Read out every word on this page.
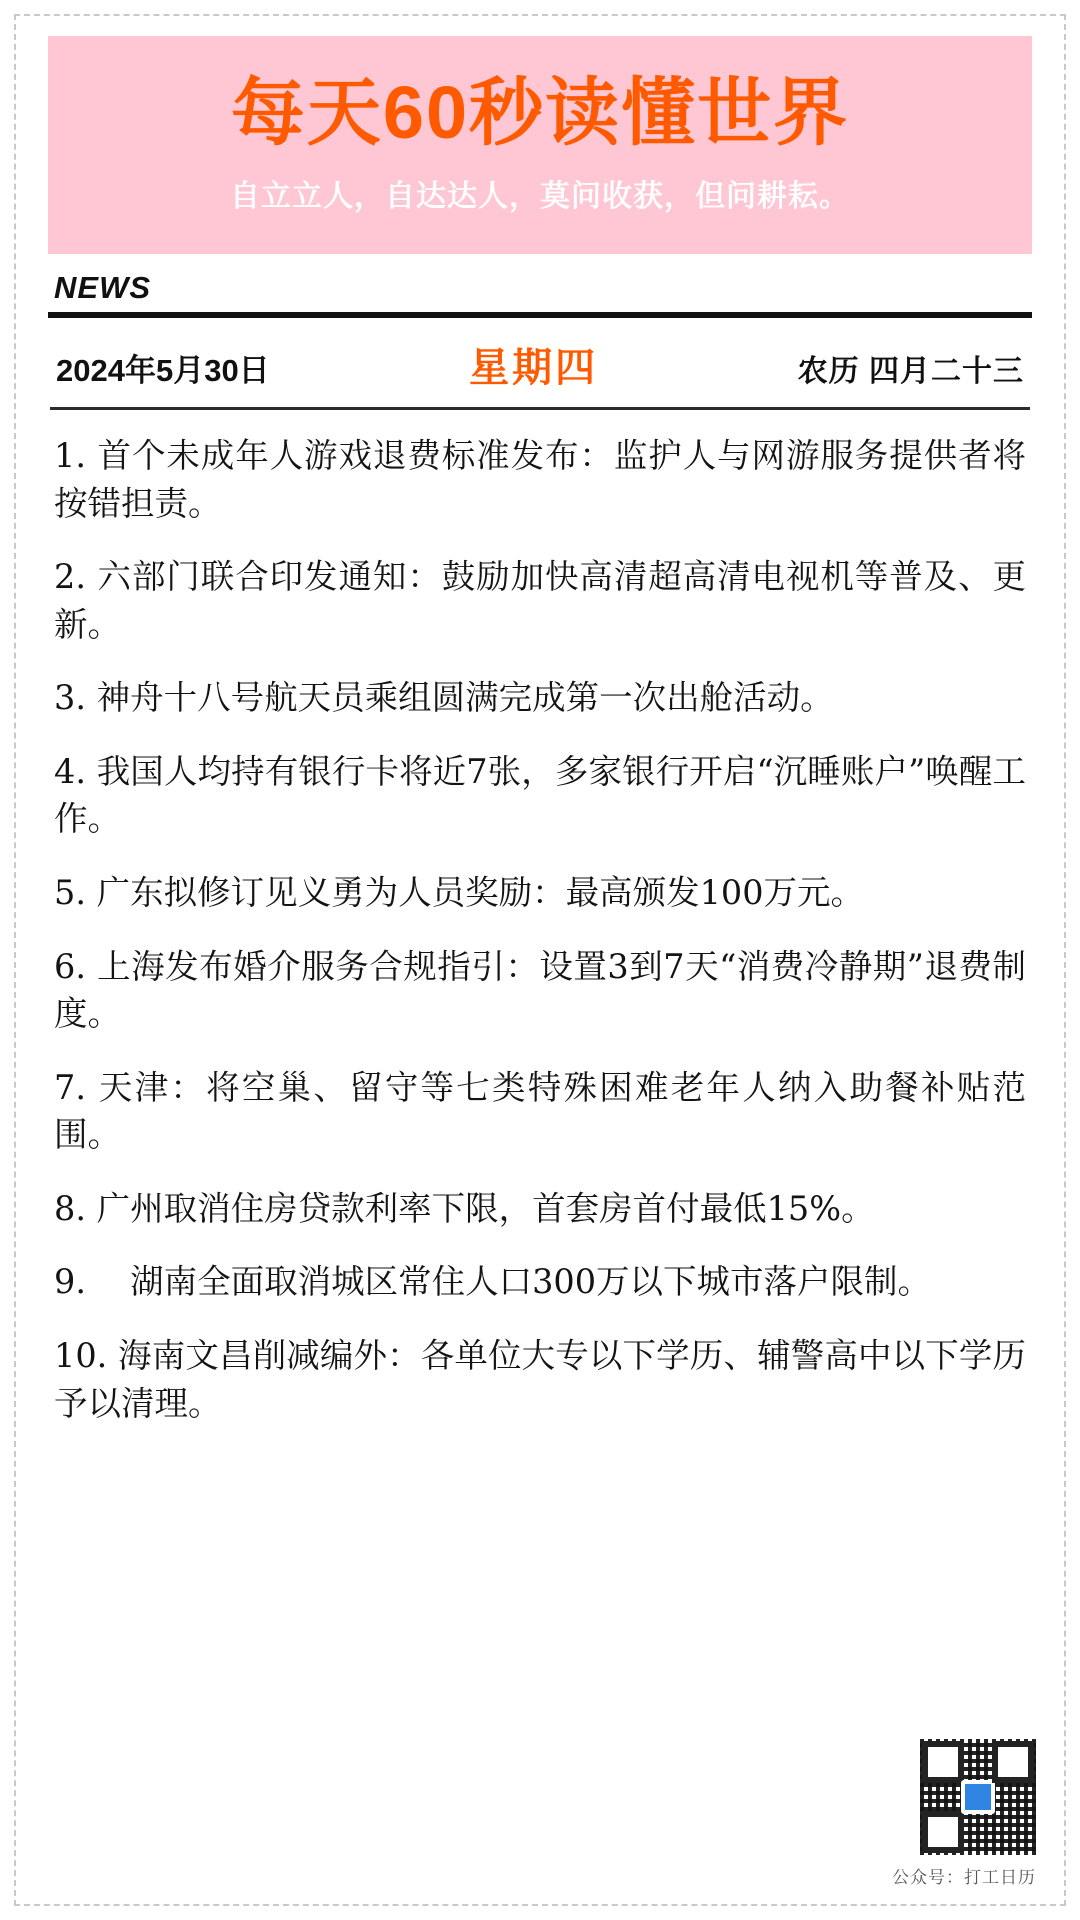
每天60秒读懂世界
自立立人，自达达人，莫问收获，但问耕耘。
NEWS
2024年5月30日	星期四	农历 四月二十三
1. 首个未成年人游戏退费标准发布：监护人与网游服务提供者将按错担责。
2. 六部门联合印发通知：鼓励加快高清超高清电视机等普及、更新。
3. 神舟十八号航天员乘组圆满完成第一次出舱活动。
4. 我国人均持有银行卡将近7张，多家银行开启“沉睡账户”唤醒工作。
5. 广东拟修订见义勇为人员奖励：最高颁发100万元。
6. 上海发布婚介服务合规指引：设置3到7天“消费冷静期”退费制度。
7. 天津：将空巢、留守等七类特殊困难老年人纳入助餐补贴范围。
8. 广州取消住房贷款利率下限，首套房首付最低15%。
9. 　湖南全面取消城区常住人口300万以下城市落户限制。
10. 海南文昌削减编外：各单位大专以下学历、辅警高中以下学历予以清理。
公众号：打工日历
